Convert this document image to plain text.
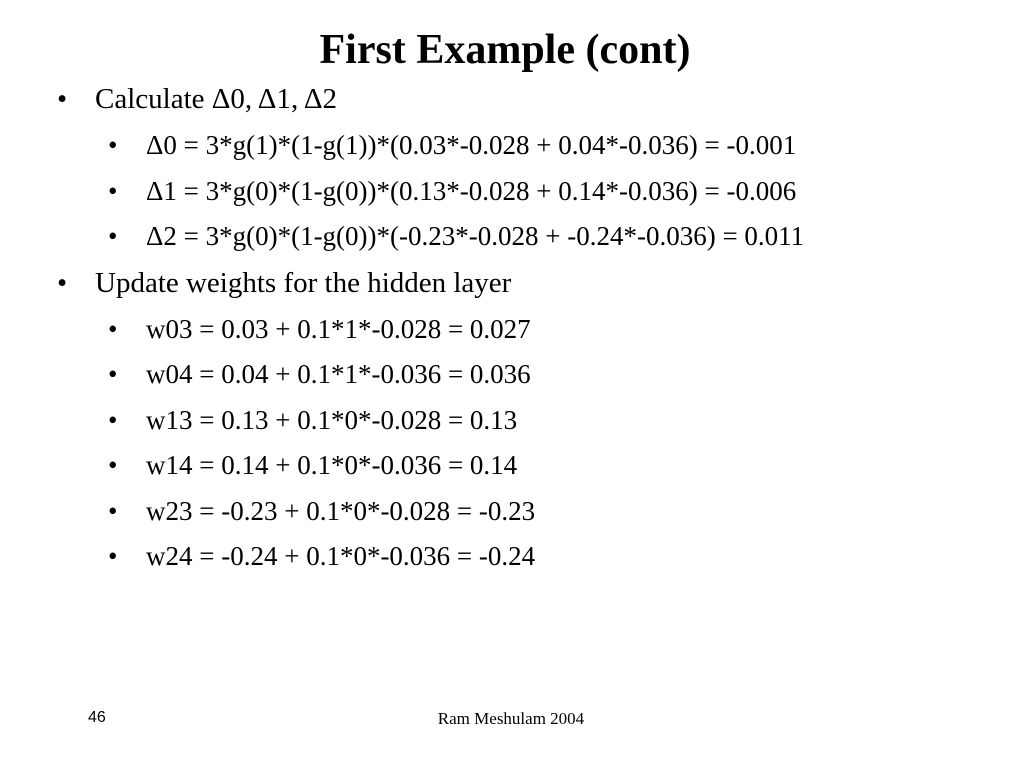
First Example (cont)
• Calculate Δ0, Δ1, Δ2
• Δ0 = 3*g(1)*(1-g(1))*(0.03*-0.028 + 0.04*-0.036) = -0.001
• Δ1 = 3*g(0)*(1-g(0))*(0.13*-0.028 + 0.14*-0.036) = -0.006
• Δ2 = 3*g(0)*(1-g(0))*(-0.23*-0.028 + -0.24*-0.036) = 0.011
• Update weights for the hidden layer
• w03 = 0.03 + 0.1*1*-0.028 = 0.027
• w04 = 0.04 + 0.1*1*-0.036 = 0.036
• w13 = 0.13 + 0.1*0*-0.028 = 0.13
• w14 = 0.14 + 0.1*0*-0.036 = 0.14
• w23 = -0.23 + 0.1*0*-0.028 = -0.23
• w24 = -0.24 + 0.1*0*-0.036 = -0.24
46	Ram Meshulam 2004
